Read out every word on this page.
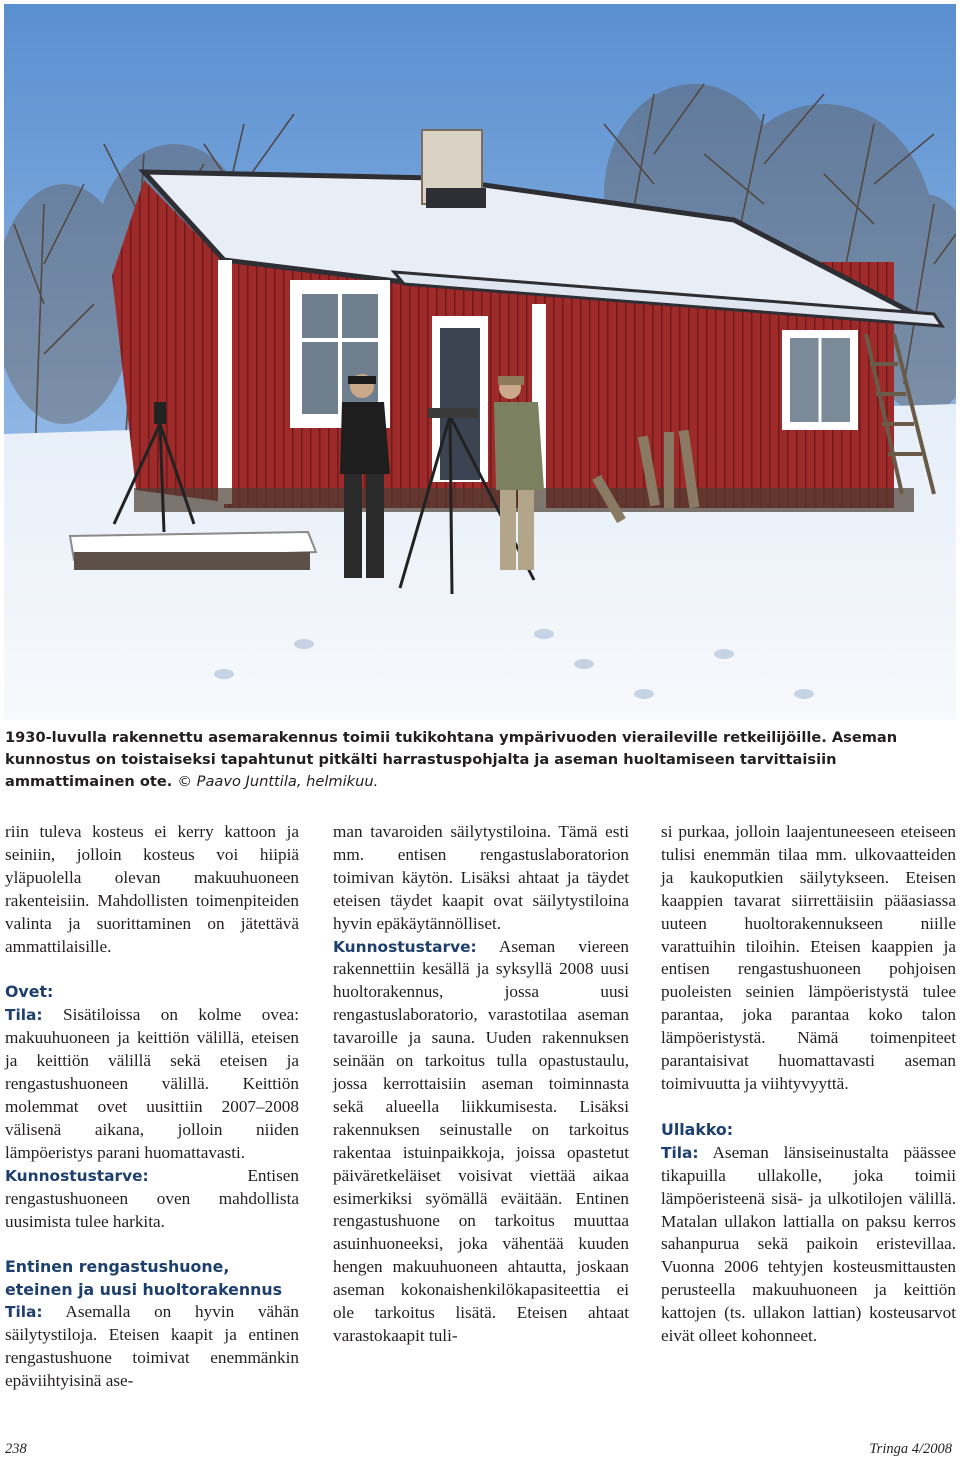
1930-luvulla rakennettu asemarakennus toimii tukikohtana ympärivuoden vieraileville retkeilijöille. Aseman kunnostus on toistaiseksi tapahtunut pitkälti harrastuspohjalta ja aseman huoltamiseen tarvittaisiin ammattimainen ote. © Paavo Junttila, helmikuu.

riin tuleva kosteus ei kerry kattoon ja seiniin, jolloin kosteus voi hiipiä yläpuolella olevan makuuhuoneen rakenteisiin. Mahdollisten toimenpiteiden valinta ja suorittaminen on jätettävä ammattilaisille.

Ovet:

Tila: Sisätiloissa on kolme ovea: makuuhuoneen ja keittiön välillä, eteisen ja keittiön välillä sekä eteisen ja rengastushuoneen välillä. Keittiön molemmat ovet uusittiin 2007–2008 välisenä aikana, jolloin niiden lämpöeristys parani huomattavasti.

Kunnostustarve: Entisen rengastushuoneen oven mahdollista uusimista tulee harkita.

Entinen rengastushuone, eteinen ja uusi huoltorakennus

Tila: Asemalla on hyvin vähän säilytystiloja. Eteisen kaapit ja entinen rengastushuone toimivat enemmänkin epäviihtyisinä ase-

man tavaroiden säilytystiloina. Tämä esti mm. entisen rengastuslaboratorion toimivan käytön. Lisäksi ahtaat ja täydet eteisen täydet kaapit ovat säilytystiloina hyvin epäkäytännölliset.

Kunnostustarve: Aseman viereen rakennettiin kesällä ja syksyllä 2008 uusi huoltorakennus, jossa uusi rengastuslaboratorio, varastotilaa aseman tavaroille ja sauna. Uuden rakennuksen seinään on tarkoitus tulla opastustaulu, jossa kerrottaisiin aseman toiminnasta sekä alueella liikkumisesta. Lisäksi rakennuksen seinustalle on tarkoitus rakentaa istuinpaikkoja, joissa opastetut päiväretkeläiset voisivat viettää aikaa esimerkiksi syömällä eväitään. Entinen rengastushuone on tarkoitus muuttaa asuinhuoneeksi, joka vähentää kuuden hengen makuuhuoneen ahtautta, joskaan aseman kokonaishenkilökapasiteettia ei ole tarkoitus lisätä. Eteisen ahtaat varastokaapit tuli-

si purkaa, jolloin laajentuneeseen eteiseen tulisi enemmän tilaa mm. ulkovaatteiden ja kaukoputkien säilytykseen. Eteisen kaappien tavarat siirrettäisiin pääasiassa uuteen huoltorakennukseen niille varattuihin tiloihin. Eteisen kaappien ja entisen rengastushuoneen pohjoisen puoleisten seinien lämpöeristystä tulee parantaa, joka parantaa koko talon lämpöeristystä. Nämä toimenpiteet parantaisivat huomattavasti aseman toimivuutta ja viihtyvyyttä.

Ullakko:

Tila: Aseman länsiseinustalta päässee tikapuilla ullakolle, joka toimii lämpöeristeenä sisä- ja ulkotilojen välillä. Matalan ullakon lattialla on paksu kerros sahanpurua sekä paikoin eristevillaa. Vuonna 2006 tehtyjen kosteusmittausten perusteella makuuhuoneen ja keittiön kattojen (ts. ullakon lattian) kosteusarvot eivät olleet kohonneet.

238	Tringa 4/2008
